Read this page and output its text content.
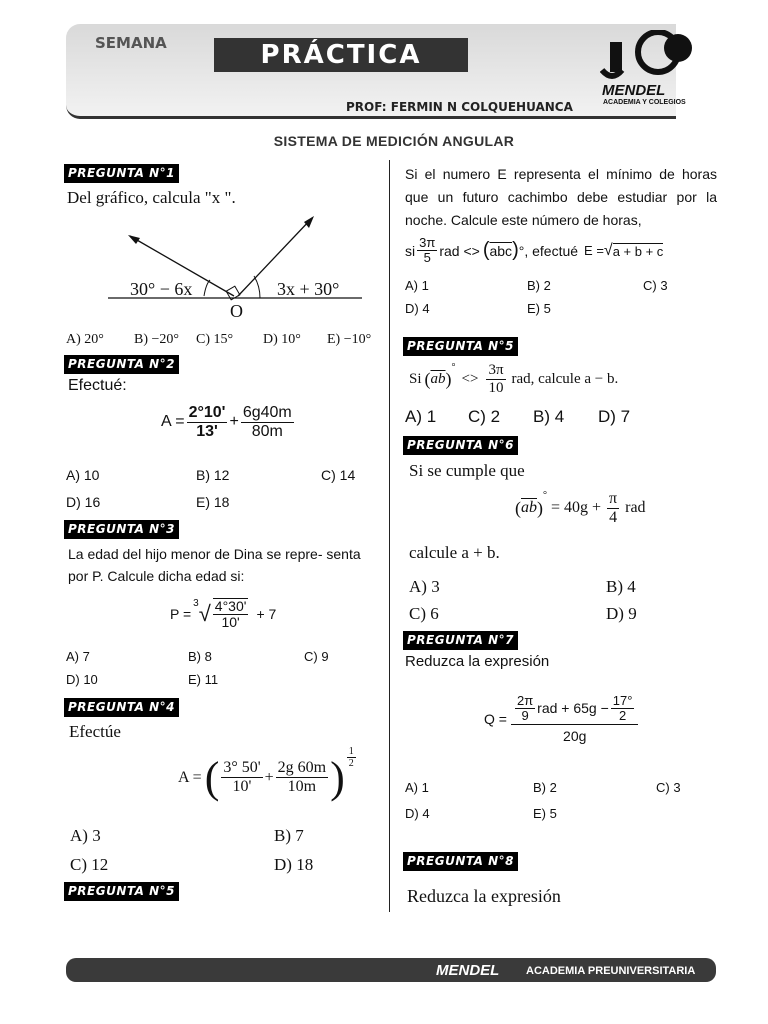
SEMANA	PRÁCTICA
PROF: FERMIN N COLQUEHUANCA
MENDEL
ACADEMIA Y COLEGIOS
SISTEMA DE MEDICIÓN ANGULAR
PREGUNTA N°1
Del gráfico, calcula "x ".
30° − 6x	3x + 30°
O
A) 20° B) −20° C) 15° D) 10° E) −10°
PREGUNTA N°2
Efectué:
$A = \frac{2^\circ 10'}{13'} + \frac{6g40m}{80m}$
A) 10	B) 12	C) 14
D) 16	E) 18
PREGUNTA N°3
La edad del hijo menor de Dina se repre- senta por P. Calcule dicha edad si:
P =
3 √ $\frac{4^\circ 30'}{10'} + 7$
A) 7	B) 8	C) 9
D) 10	E) 11
PREGUNTA N°4
Efectúe
A = ( $\frac{3^\circ 50'}{10'} + \frac{2g 60m}{10m}$ ) $\frac{1}{2}$
A) 3	B) 7
C) 12	D) 18
PREGUNTA N°5
Si el numero E representa el mínimo de horas que un futuro cachimbo debe estudiar por la noche. Calcule este número de horas,
si $\frac{3\pi}{5}$ rad <> ( $\overline{abc}$ ) °, efectué E = √ a + b + c
A) 1	B) 2	C) 3
D) 4	E) 5
PREGUNTA N°5
Si ( $\overline{ab}$ )
°
<> $\frac{3\pi}{10}$ rad, calcule a − b.
A) 1 C) 2 B) 4 D) 7
PREGUNTA N°6
Si se cumple que
( $\overline{ab}$ )
°
= $40g + \frac{\pi}{4}$ rad
calcule a + b.
A) 3	B) 4
C) 6	D) 9
PREGUNTA N°7
Reduzca la expresión
$Q = \frac{\frac{2\pi}{9} rad + 65g - \frac{17^\circ}{2}}{20g}$
A) 1	B) 2	C) 3
D) 4	E) 5
PREGUNTA N°8
Reduzca la expresión
MENDEL ACADEMIA PREUNIVERSITARIA
